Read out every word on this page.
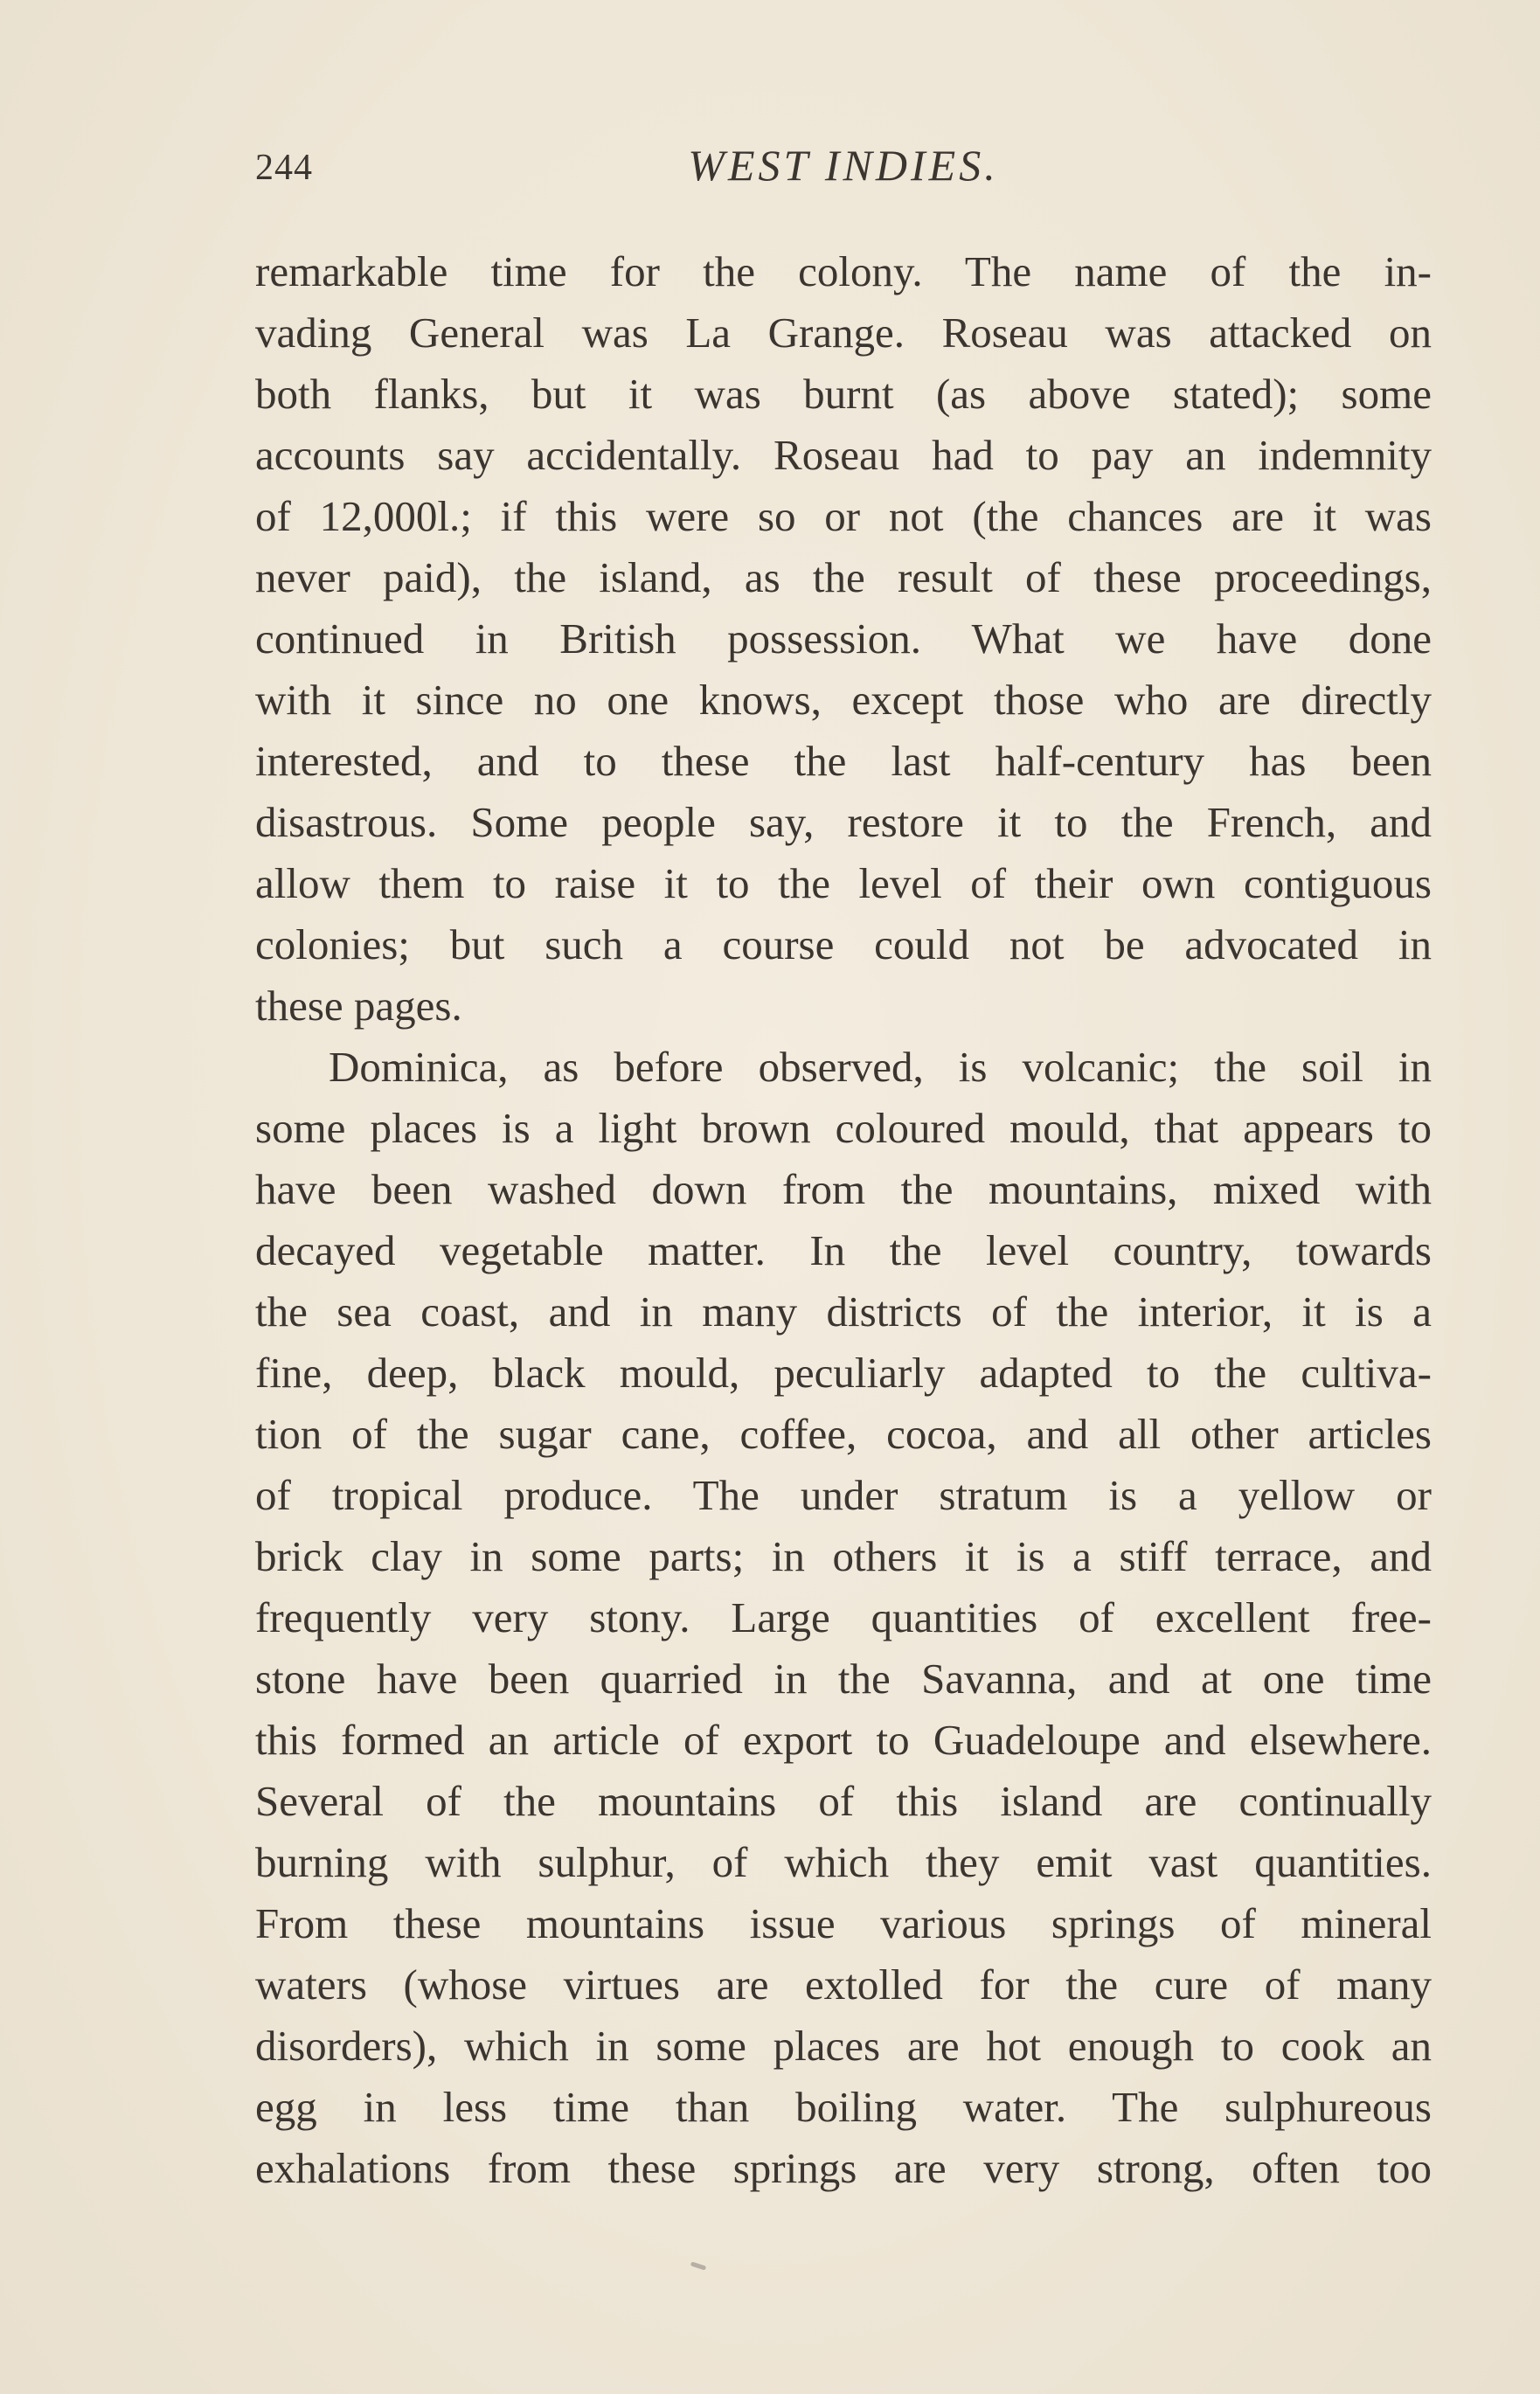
244	WEST INDIES.
remarkable time for the colony. The name of the in-
vading General was La Grange. Roseau was attacked on
both flanks, but it was burnt (as above stated); some
accounts say accidentally. Roseau had to pay an indemnity
of 12,000l.; if this were so or not (the chances are it was
never paid), the island, as the result of these proceedings,
continued in British possession. What we have done
with it since no one knows, except those who are directly
interested, and to these the last half-century has been
disastrous. Some people say, restore it to the French, and
allow them to raise it to the level of their own contiguous
colonies; but such a course could not be advocated in
these pages.
Dominica, as before observed, is volcanic; the soil in
some places is a light brown coloured mould, that appears to
have been washed down from the mountains, mixed with
decayed vegetable matter. In the level country, towards
the sea coast, and in many districts of the interior, it is a
fine, deep, black mould, peculiarly adapted to the cultiva-
tion of the sugar cane, coffee, cocoa, and all other articles
of tropical produce. The under stratum is a yellow or
brick clay in some parts; in others it is a stiff terrace, and
frequently very stony. Large quantities of excellent free-
stone have been quarried in the Savanna, and at one time
this formed an article of export to Guadeloupe and elsewhere.
Several of the mountains of this island are continually
burning with sulphur, of which they emit vast quantities.
From these mountains issue various springs of mineral
waters (whose virtues are extolled for the cure of many
disorders), which in some places are hot enough to cook an
egg in less time than boiling water. The sulphureous
exhalations from these springs are very strong, often too
